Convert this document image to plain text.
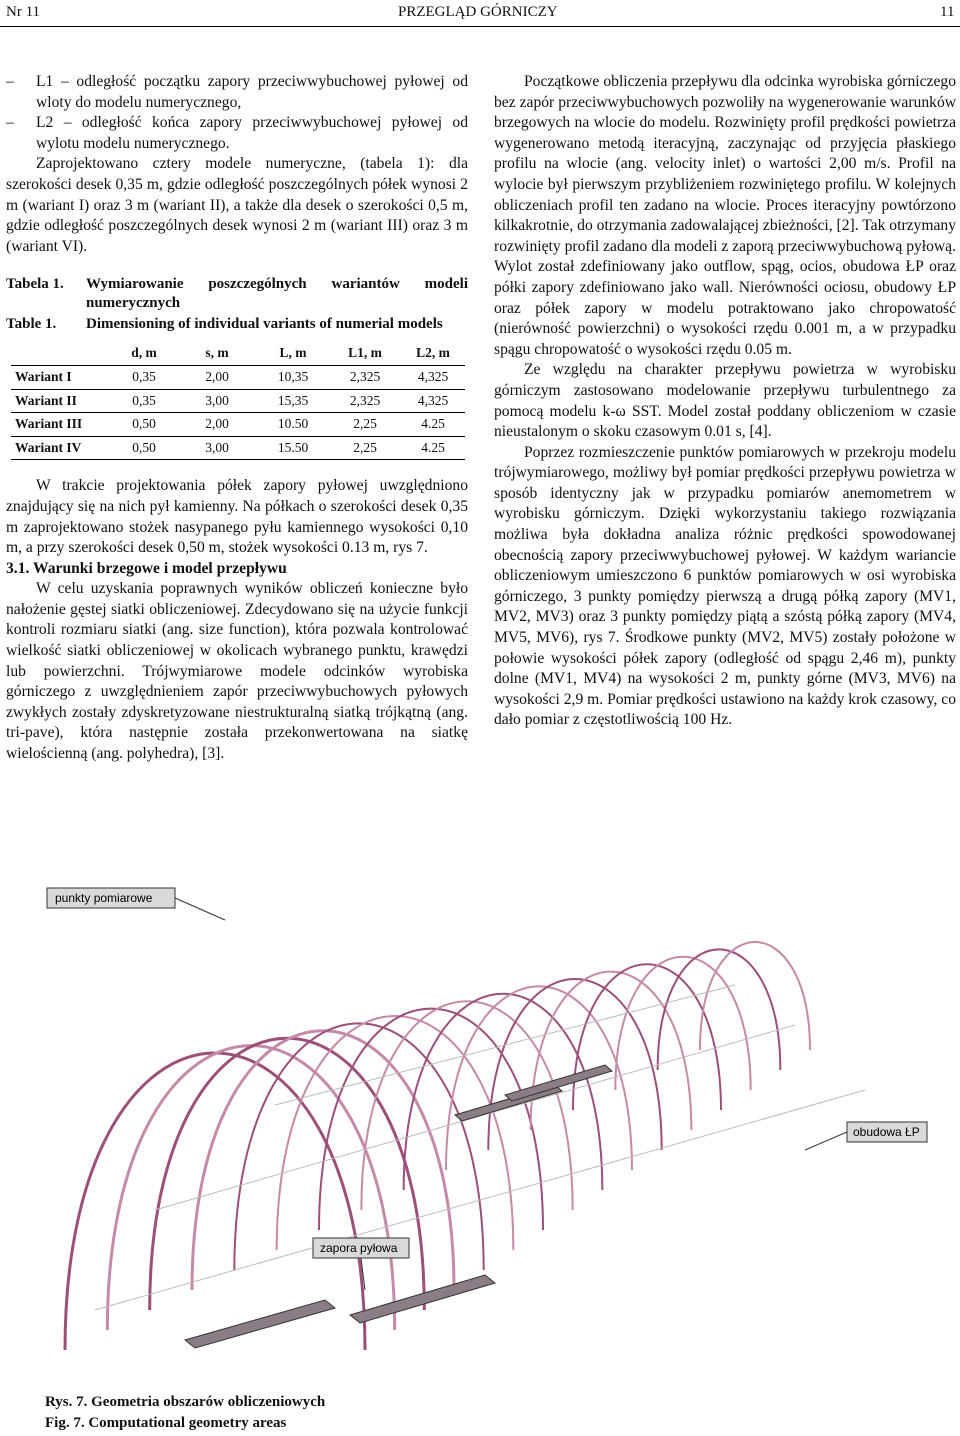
Nr 11	PRZEGLĄD GÓRNICZY	11
–	L1 – odległość początku zapory przeciwwybuchowej pyłowej od wloty do modelu numerycznego,
–	L2 – odległość końca zapory przeciwwybuchowej pyłowej od wylotu modelu numerycznego.

Zaprojektowano cztery modele numeryczne, (tabela 1): dla szerokości desek 0,35 m, gdzie odległość poszczególnych półek wynosi 2 m (wariant I) oraz 3 m (wariant II), a także dla desek o szerokości 0,5 m, gdzie odległość poszczególnych desek wynosi 2 m (wariant III) oraz 3 m (wariant VI).

Tabela 1.	Wymiarowanie poszczególnych wariantów modeli numerycznych
Table 1.	Dimensioning of individual variants of numerial models
	d, m	s, m	L, m	L1, m	L2, m
Wariant I	0,35	2,00	10,35	2,325	4,325
Wariant II	0,35	3,00	15,35	2,325	4,325
Wariant III	0,50	2,00	10.50	2,25	4.25
Wariant IV	0,50	3,00	15.50	2,25	4.25

W trakcie projektowania półek zapory pyłowej uwzględniono znajdujący się na nich pył kamienny. Na półkach o szerokości desek 0,35 m zaprojektowano stożek nasypanego pyłu kamiennego wysokości 0,10 m, a przy szerokości desek 0,50 m, stożek wysokości 0.13 m, rys 7.

3.1. Warunki brzegowe i model przepływu

W celu uzyskania poprawnych wyników obliczeń konieczne było nałożenie gęstej siatki obliczeniowej. Zdecydowano się na użycie funkcji kontroli rozmiaru siatki (ang. size function), która pozwala kontrolować wielkość siatki obliczeniowej w okolicach wybranego punktu, krawędzi lub powierzchni. Trójwymiarowe modele odcinków wyrobiska górniczego z uwzględnieniem zapór przeciwwybuchowych pyłowych zwykłych zostały zdyskretyzowane niestrukturalną siatką trójkątną (ang. tri-pave), która następnie została przekonwertowana na siatkę wielościenną (ang. polyhedra), [3].

Początkowe obliczenia przepływu dla odcinka wyrobiska górniczego bez zapór przeciwwybuchowych pozwoliły na wygenerowanie warunków brzegowych na wlocie do modelu. Rozwinięty profil prędkości powietrza wygenerowano metodą iteracyjną, zaczynając od przyjęcia płaskiego profilu na wlocie (ang. velocity inlet) o wartości 2,00 m/s. Profil na wylocie był pierwszym przybliżeniem rozwiniętego profilu. W kolejnych obliczeniach profil ten zadano na wlocie. Proces iteracyjny powtórzono kilkakrotnie, do otrzymania zadowalającej zbieżności, [2]. Tak otrzymany rozwinięty profil zadano dla modeli z zaporą przeciwwybuchową pyłową. Wylot został zdefiniowany jako outflow, spąg, ocios, obudowa ŁP oraz półki zapory zdefiniowano jako wall. Nierówności ociosu, obudowy ŁP oraz półek zapory w modelu potraktowano jako chropowatość (nierówność powierzchni) o wysokości rzędu 0.001 m, a w przypadku spągu chropowatość o wysokości rzędu 0.05 m.

Ze względu na charakter przepływu powietrza w wyrobisku górniczym zastosowano modelowanie przepływu turbulentnego za pomocą modelu k-ω SST. Model został poddany obliczeniom w czasie nieustalonym o skoku czasowym 0.01 s, [4].

Poprzez rozmieszczenie punktów pomiarowych w przekroju modelu trójwymiarowego, możliwy był pomiar prędkości przepływu powietrza w sposób identyczny jak w przypadku pomiarów anemometrem w wyrobisku górniczym. Dzięki wykorzystaniu takiego rozwiązania możliwa była dokładna analiza różnic prędkości spowodowanej obecnością zapory przeciwwybuchowej pyłowej. W każdym wariancie obliczeniowym umieszczono 6 punktów pomiarowych w osi wyrobiska górniczego, 3 punkty pomiędzy pierwszą a drugą półką zapory (MV1, MV2, MV3) oraz 3 punkty pomiędzy piątą a szóstą półką zapory (MV4, MV5, MV6), rys 7. Środkowe punkty (MV2, MV5) zostały położone w połowie wysokości półek zapory (odległość od spągu 2,46 m), punkty dolne (MV1, MV4) na wysokości 2 m, punkty górne (MV3, MV6) na wysokości 2,9 m. Pomiar prędkości ustawiono na każdy krok czasowy, co dało pomiar z częstotliwością 100 Hz.

punkty pomiarowe
obudowa ŁP
zapora pyłowa
Rys. 7. Geometria obszarów obliczeniowych
Fig. 7. Computational geometry areas
